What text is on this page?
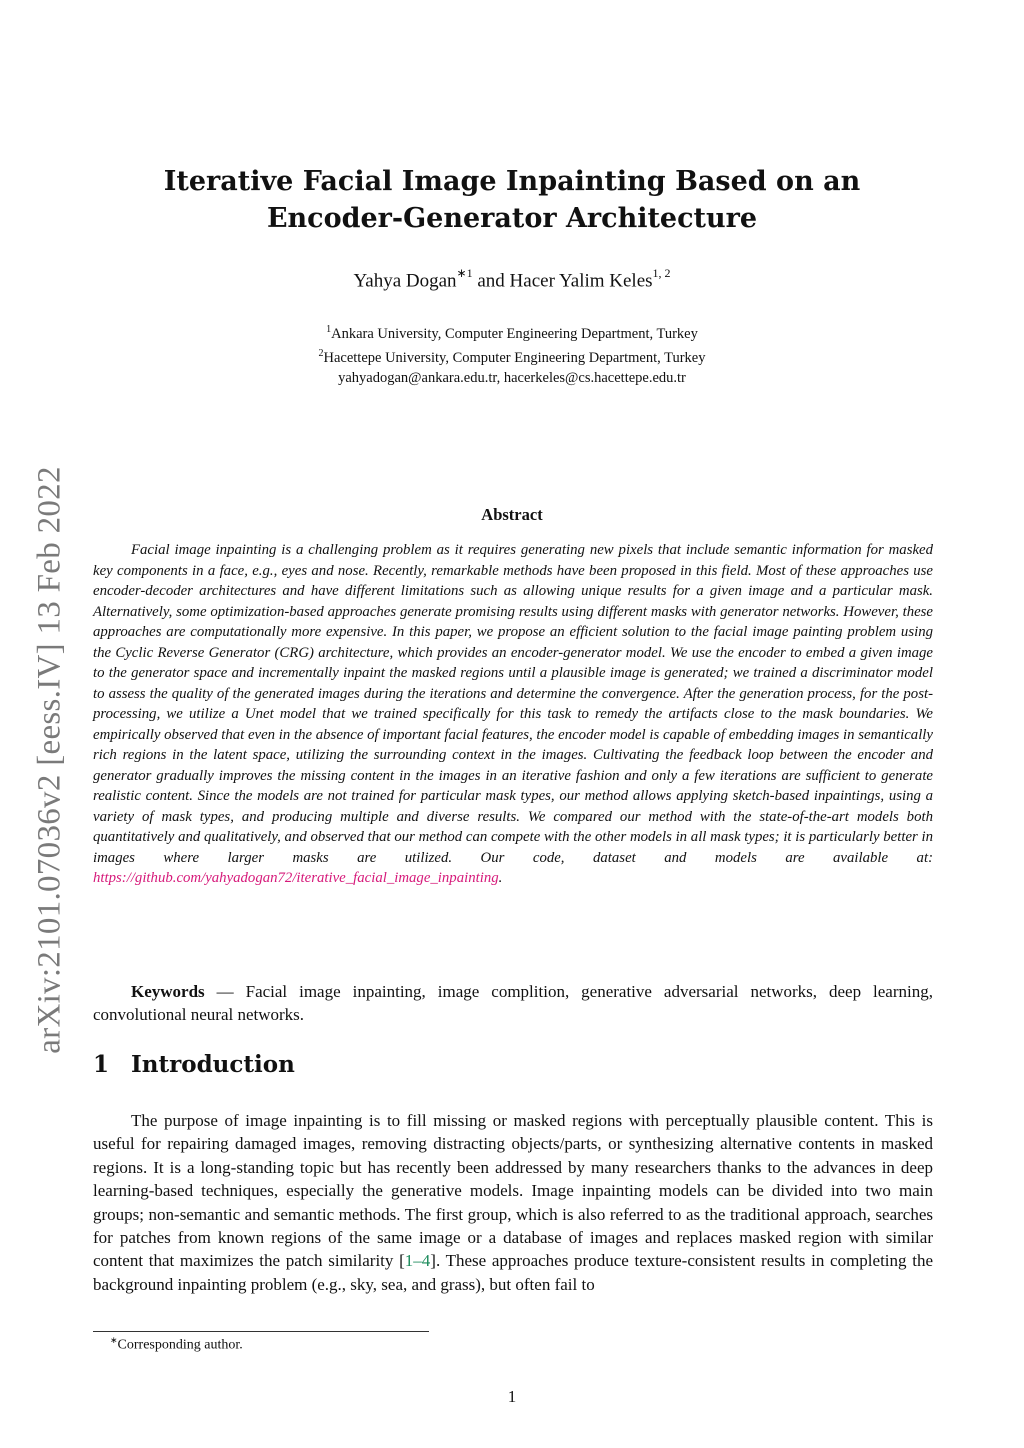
arXiv:2101.07036v2 [eess.IV] 13 Feb 2022
Iterative Facial Image Inpainting Based on an
Encoder-Generator Architecture
Yahya Dogan$^{∗1}$ and Hacer Yalim Keles$^{1, 2}$
$^1$Ankara University, Computer Engineering Department, Turkey
$^2$Hacettepe University, Computer Engineering Department, Turkey
yahyadogan@ankara.edu.tr, hacerkeles@cs.hacettepe.edu.tr
Abstract

Facial image inpainting is a challenging problem as it requires generating new pixels that include semantic information for masked key components in a face, e.g., eyes and nose. Recently, remarkable methods have been proposed in this field. Most of these approaches use encoder-decoder architectures and have different limitations such as allowing unique results for a given image and a particular mask. Alternatively, some optimization-based approaches generate promising results using different masks with generator networks. However, these approaches are computationally more expensive. In this paper, we propose an efficient solution to the facial image painting problem using the Cyclic Reverse Generator (CRG) architecture, which provides an encoder-generator model. We use the encoder to embed a given image to the generator space and incrementally inpaint the masked regions until a plausible image is generated; we trained a discriminator model to assess the quality of the generated images during the iterations and determine the convergence. After the generation process, for the post-processing, we utilize a Unet model that we trained specifically for this task to remedy the artifacts close to the mask boundaries. We empirically observed that even in the absence of important facial features, the encoder model is capable of embedding images in semantically rich regions in the latent space, utilizing the surrounding context in the images. Cultivating the feedback loop between the encoder and generator gradually improves the missing content in the images in an iterative fashion and only a few iterations are sufficient to generate realistic content. Since the models are not trained for particular mask types, our method allows applying sketch-based inpaintings, using a variety of mask types, and producing multiple and diverse results. We compared our method with the state-of-the-art models both quantitatively and qualitatively, and observed that our method can compete with the other models in all mask types; it is particularly better in images where larger masks are utilized. Our code, dataset and models are available at: https://github.com/yahyadogan72/iterative_facial_image_inpainting.

Keywords — Facial image inpainting, image complition, generative adversarial networks, deep learning, convolutional neural networks.

1 Introduction

The purpose of image inpainting is to fill missing or masked regions with perceptually plausible content. This is useful for repairing damaged images, removing distracting objects/parts, or synthesizing alternative contents in masked regions. It is a long-standing topic but has recently been addressed by many researchers thanks to the advances in deep learning-based techniques, especially the generative models. Image inpainting models can be divided into two main groups; non-semantic and semantic methods. The first group, which is also referred to as the traditional approach, searches for patches from known regions of the same image or a database of images and replaces masked region with similar content that maximizes the patch similarity [1–4]. These approaches produce texture-consistent results in completing the background inpainting problem (e.g., sky, sea, and grass), but often fail to

∗Corresponding author.
1
